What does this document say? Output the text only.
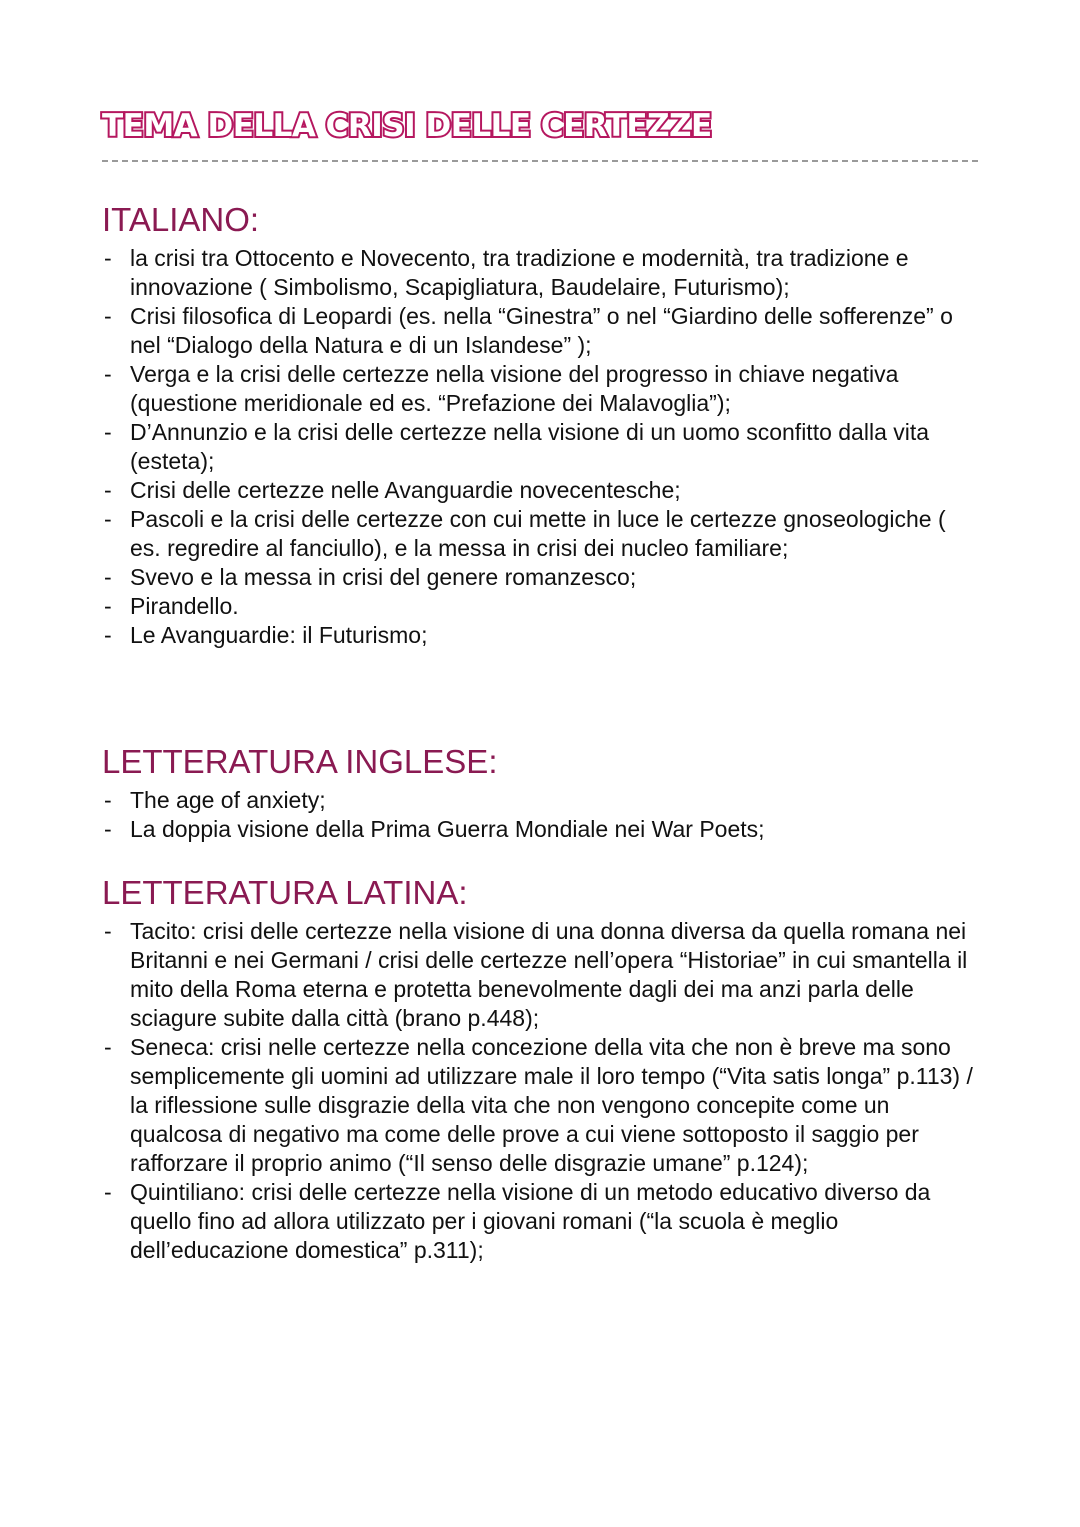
TEMA DELLA CRISI DELLE CERTEZZE
ITALIANO:
- la crisi tra Ottocento e Novecento, tra tradizione e modernità, tra tradizione e innovazione ( Simbolismo, Scapigliatura, Baudelaire, Futurismo);
- Crisi filosofica di Leopardi (es. nella “Ginestra” o nel “Giardino delle sofferenze” o nel “Dialogo della Natura e di un Islandese” );
- Verga e la crisi delle certezze nella visione del progresso in chiave negativa (questione meridionale ed es. “Prefazione dei Malavoglia”);
- D’Annunzio e la crisi delle certezze nella visione di un uomo sconfitto dalla vita (esteta);
- Crisi delle certezze nelle Avanguardie novecentesche;
- Pascoli e la crisi delle certezze con cui mette in luce le certezze gnoseologiche ( es. regredire al fanciullo), e la messa in crisi dei nucleo familiare;
- Svevo e la messa in crisi del genere romanzesco;
- Pirandello.
- Le Avanguardie: il Futurismo;
LETTERATURA INGLESE:
- The age of anxiety;
- La doppia visione della Prima Guerra Mondiale nei War Poets;
LETTERATURA LATINA:
- Tacito: crisi delle certezze nella visione di una donna diversa da quella romana nei Britanni e nei Germani / crisi delle certezze nell’opera “Historiae” in cui smantella il mito della Roma eterna e protetta benevolmente dagli dei ma anzi parla delle sciagure subite dalla città (brano p.448);
- Seneca: crisi nelle certezze nella concezione della vita che non è breve ma sono semplicemente gli uomini ad utilizzare male il loro tempo (“Vita satis longa” p.113) / la riflessione sulle disgrazie della vita che non vengono concepite come un qualcosa di negativo ma come delle prove a cui viene sottoposto il saggio per rafforzare il proprio animo (“Il senso delle disgrazie umane” p.124);
- Quintiliano: crisi delle certezze nella visione di un metodo educativo diverso da quello fino ad allora utilizzato per i giovani romani (“la scuola è meglio dell’educazione domestica” p.311);
